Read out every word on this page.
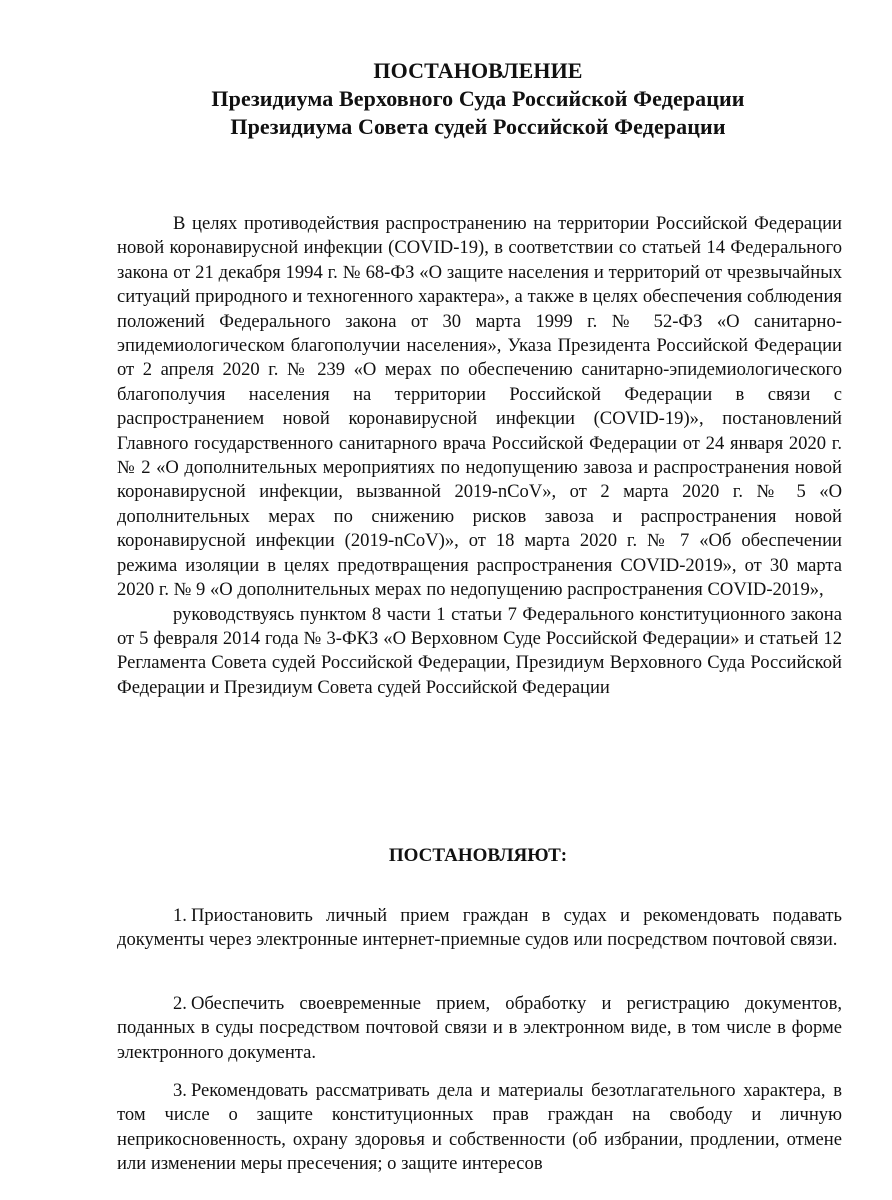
ПОСТАНОВЛЕНИЕ
Президиума Верховного Суда Российской Федерации
Президиума Совета судей Российской Федерации

В целях противодействия распространению на территории Российской Федерации новой коронавирусной инфекции (COVID-19), в соответствии со статьей 14 Федерального закона от 21 декабря 1994 г. № 68-ФЗ «О защите населения и территорий от чрезвычайных ситуаций природного и техногенного характера», а также в целях обеспечения соблюдения положений Федерального закона от 30 марта 1999 г. № 52-ФЗ «О санитарно-эпидемиологическом благополучии населения», Указа Президента Российской Федерации от 2 апреля 2020 г. № 239 «О мерах по обеспечению санитарно-эпидемиологического благополучия населения на территории Российской Федерации в связи с распространением новой коронавирусной инфекции (COVID-19)», постановлений Главного государственного санитарного врача Российской Федерации от 24 января 2020 г. № 2 «О дополнительных мероприятиях по недопущению завоза и распространения новой коронавирусной инфекции, вызванной 2019-nCoV», от 2 марта 2020 г. № 5 «О дополнительных мерах по снижению рисков завоза и распространения новой коронавирусной инфекции (2019-nCoV)», от 18 марта 2020 г. № 7 «Об обеспечении режима изоляции в целях предотвращения распространения COVID-2019», от 30 марта 2020 г. № 9 «О дополнительных мерах по недопущению распространения COVID-2019»,

руководствуясь пунктом 8 части 1 статьи 7 Федерального конституционного закона от 5 февраля 2014 года № 3-ФКЗ «О Верховном Суде Российской Федерации» и статьей 12 Регламента Совета судей Российской Федерации, Президиум Верховного Суда Российской Федерации и Президиум Совета судей Российской Федерации

ПОСТАНОВЛЯЮТ:
1. Приостановить личный прием граждан в судах и рекомендовать подавать документы через электронные интернет-приемные судов или посредством почтовой связи.
2. Обеспечить своевременные прием, обработку и регистрацию документов, поданных в суды посредством почтовой связи и в электронном виде, в том числе в форме электронного документа.
3. Рекомендовать рассматривать дела и материалы безотлагательного характера, в том числе о защите конституционных прав граждан на свободу и личную неприкосновенность, охрану здоровья и собственности (об избрании, продлении, отмене или изменении меры пресечения; о защите интересов
